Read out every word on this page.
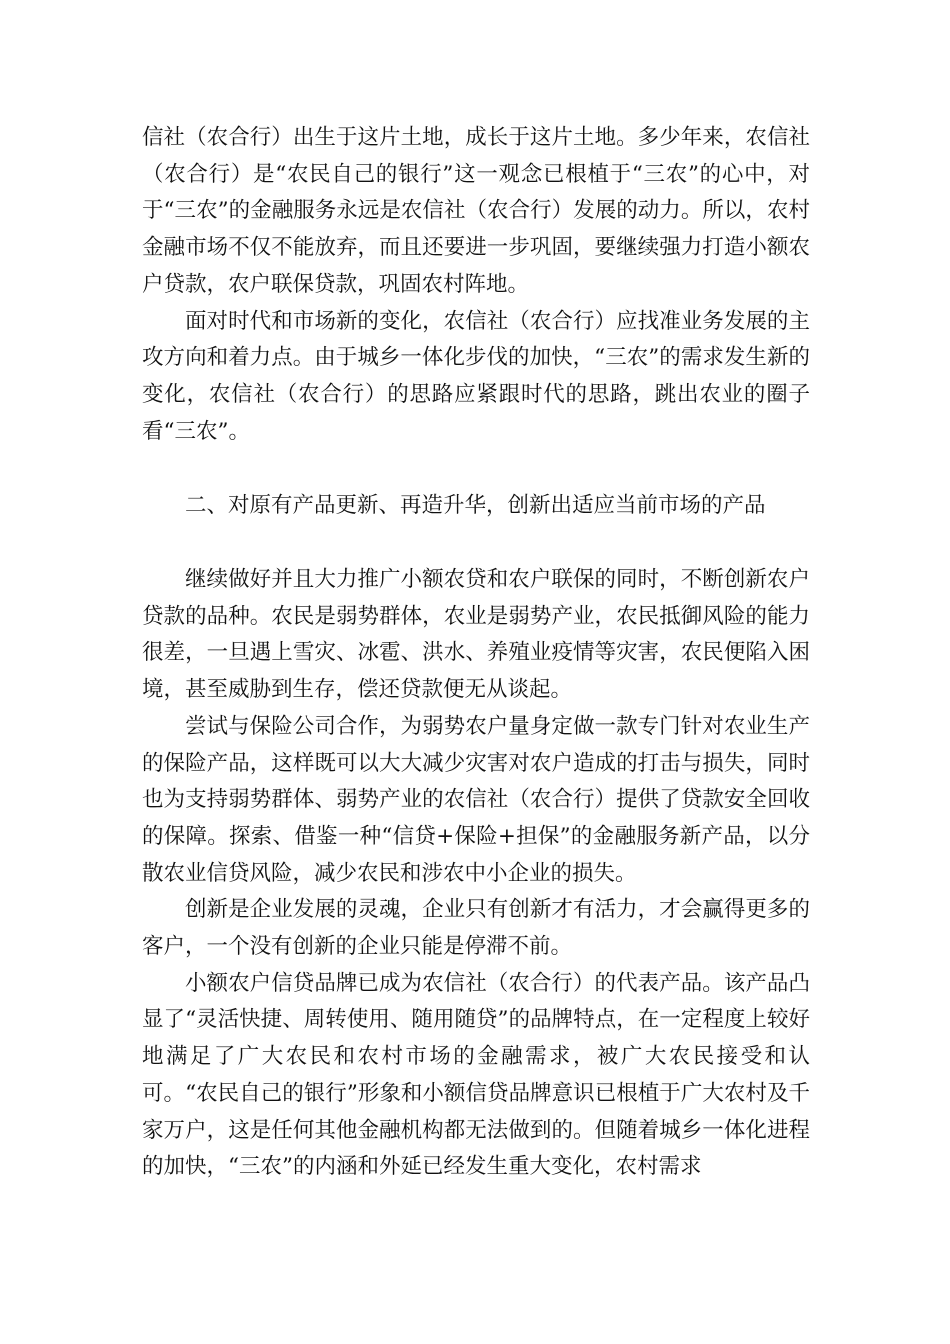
信社（农合行）出生于这片土地，成长于这片土地。多少年来，农信社（农合行）是“农民自己的银行”这一观念已根植于“三农”的心中，对于“三农”的金融服务永远是农信社（农合行）发展的动力。所以，农村金融市场不仅不能放弃，而且还要进一步巩固，要继续强力打造小额农户贷款，农户联保贷款，巩固农村阵地。

面对时代和市场新的变化，农信社（农合行）应找准业务发展的主攻方向和着力点。由于城乡一体化步伐的加快，“三农”的需求发生新的变化，农信社（农合行）的思路应紧跟时代的思路，跳出农业的圈子看“三农”。

二、对原有产品更新、再造升华，创新出适应当前市场的产品

继续做好并且大力推广小额农贷和农户联保的同时，不断创新农户贷款的品种。农民是弱势群体，农业是弱势产业，农民抵御风险的能力很差，一旦遇上雪灾、冰雹、洪水、养殖业疫情等灾害，农民便陷入困境，甚至威胁到生存，偿还贷款便无从谈起。

尝试与保险公司合作，为弱势农户量身定做一款专门针对农业生产的保险产品，这样既可以大大减少灾害对农户造成的打击与损失，同时也为支持弱势群体、弱势产业的农信社（农合行）提供了贷款安全回收的保障。探索、借鉴一种“信贷+保险+担保”的金融服务新产品，以分散农业信贷风险，减少农民和涉农中小企业的损失。

创新是企业发展的灵魂，企业只有创新才有活力，才会赢得更多的客户，一个没有创新的企业只能是停滞不前。

小额农户信贷品牌已成为农信社（农合行）的代表产品。该产品凸显了“灵活快捷、周转使用、随用随贷”的品牌特点，在一定程度上较好地满足了广大农民和农村市场的金融需求，被广大农民接受和认可。“农民自己的银行”形象和小额信贷品牌意识已根植于广大农村及千家万户，这是任何其他金融机构都无法做到的。但随着城乡一体化进程的加快，“三农”的内涵和外延已经发生重大变化，农村需求
